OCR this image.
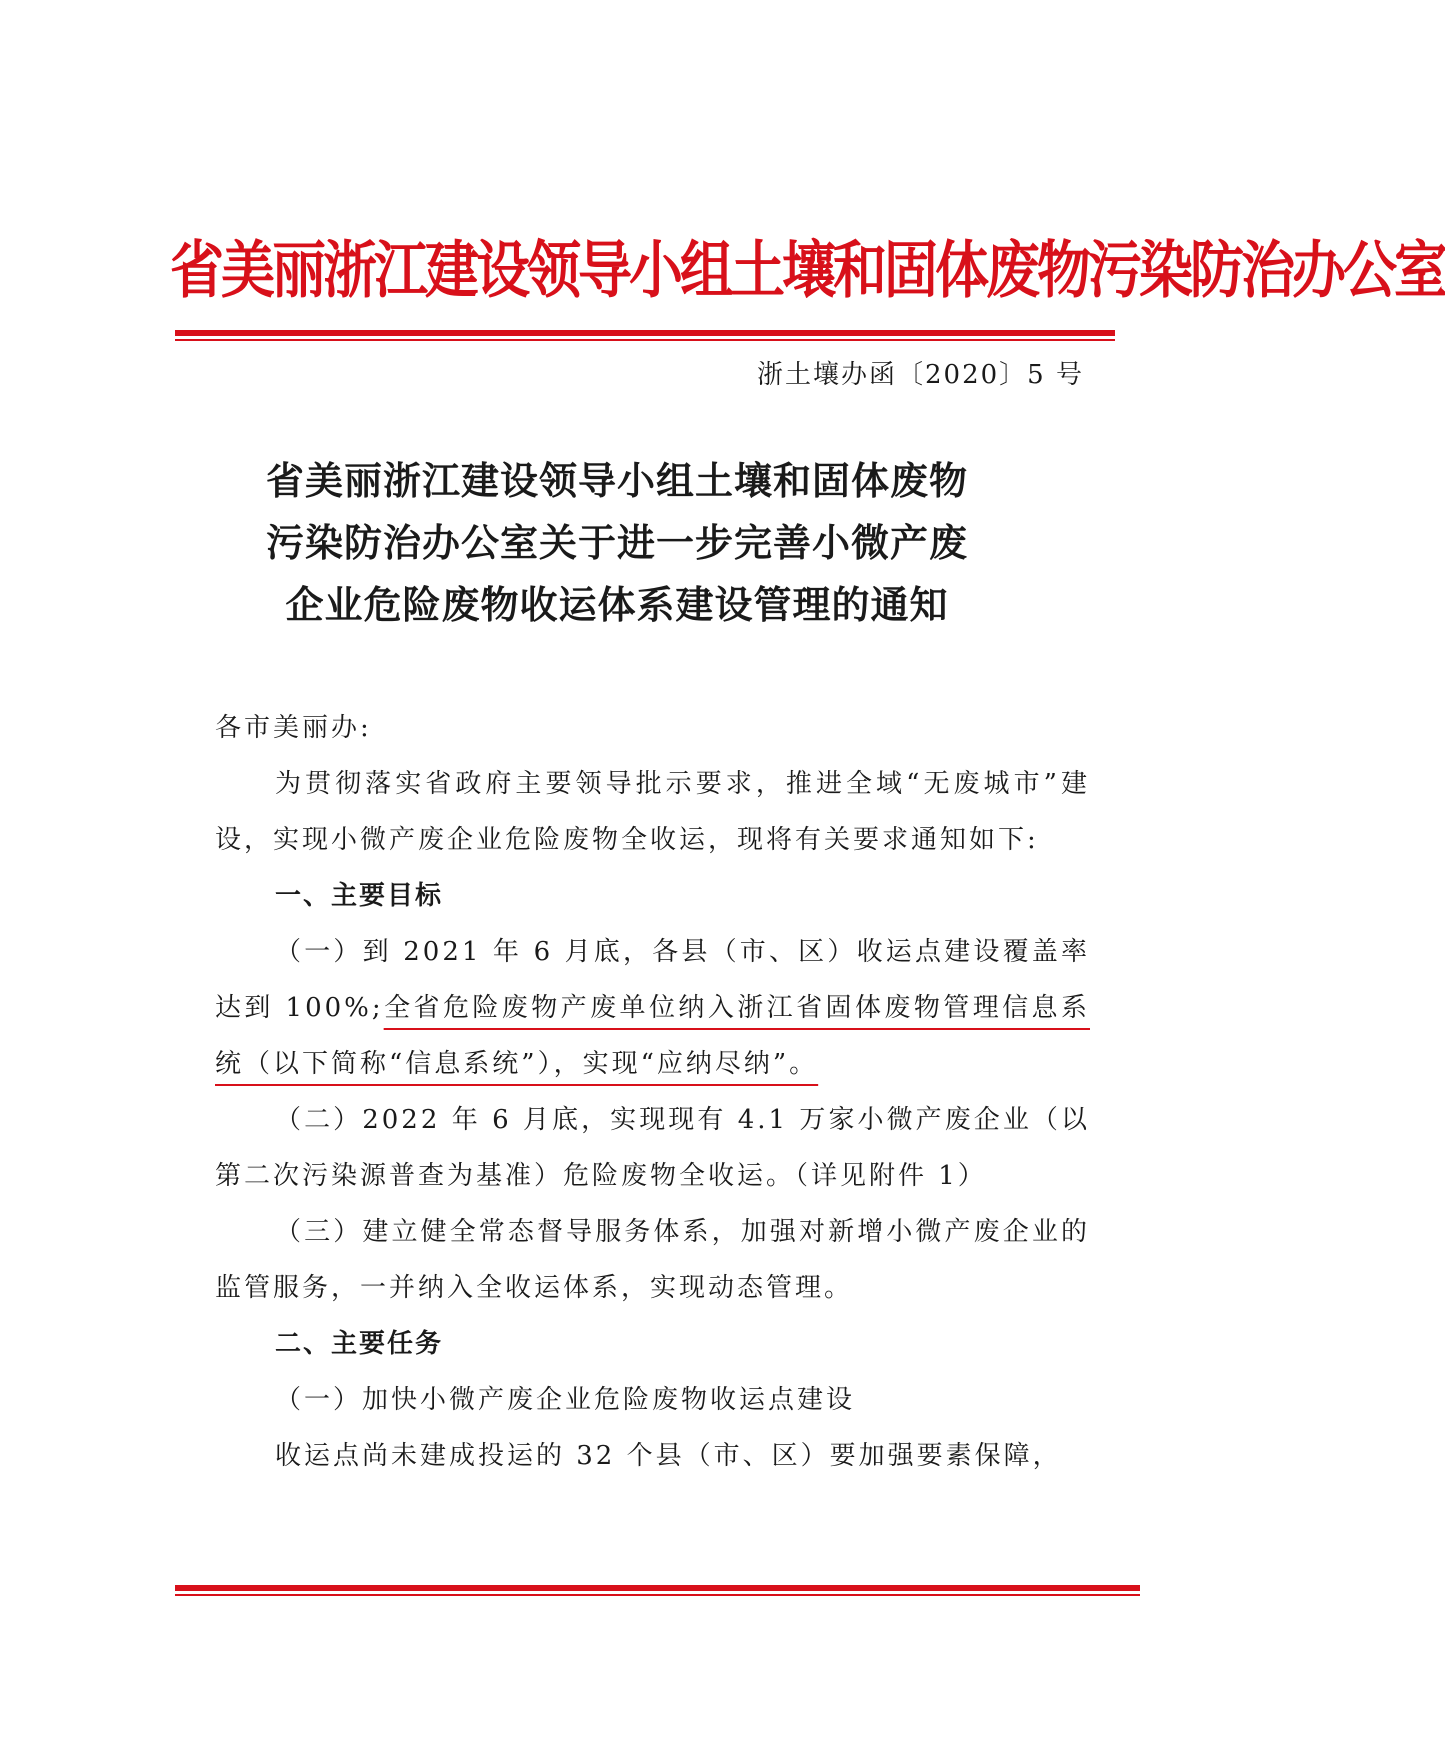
省美丽浙江建设领导小组土壤和固体废物污染防治办公室
浙土壤办函〔2020〕5 号
省美丽浙江建设领导小组土壤和固体废物
污染防治办公室关于进一步完善小微产废
企业危险废物收运体系建设管理的通知

各市美丽办:

为贯彻落实省政府主要领导批示要求，推进全域“无废城市”建设，实现小微产废企业危险废物全收运，现将有关要求通知如下:

一、主要目标

（一）到 2021 年 6 月底，各县（市、区）收运点建设覆盖率达到 100%;全省危险废物产废单位纳入浙江省固体废物管理信息系统（以下简称“信息系统”），实现“应纳尽纳”。

（二）2022 年 6 月底，实现现有 4.1 万家小微产废企业（以第二次污染源普查为基准）危险废物全收运。（详见附件 1）

（三）建立健全常态督导服务体系，加强对新增小微产废企业的监管服务，一并纳入全收运体系，实现动态管理。

二、主要任务

（一）加快小微产废企业危险废物收运点建设

收运点尚未建成投运的 32 个县（市、区）要加强要素保障，
